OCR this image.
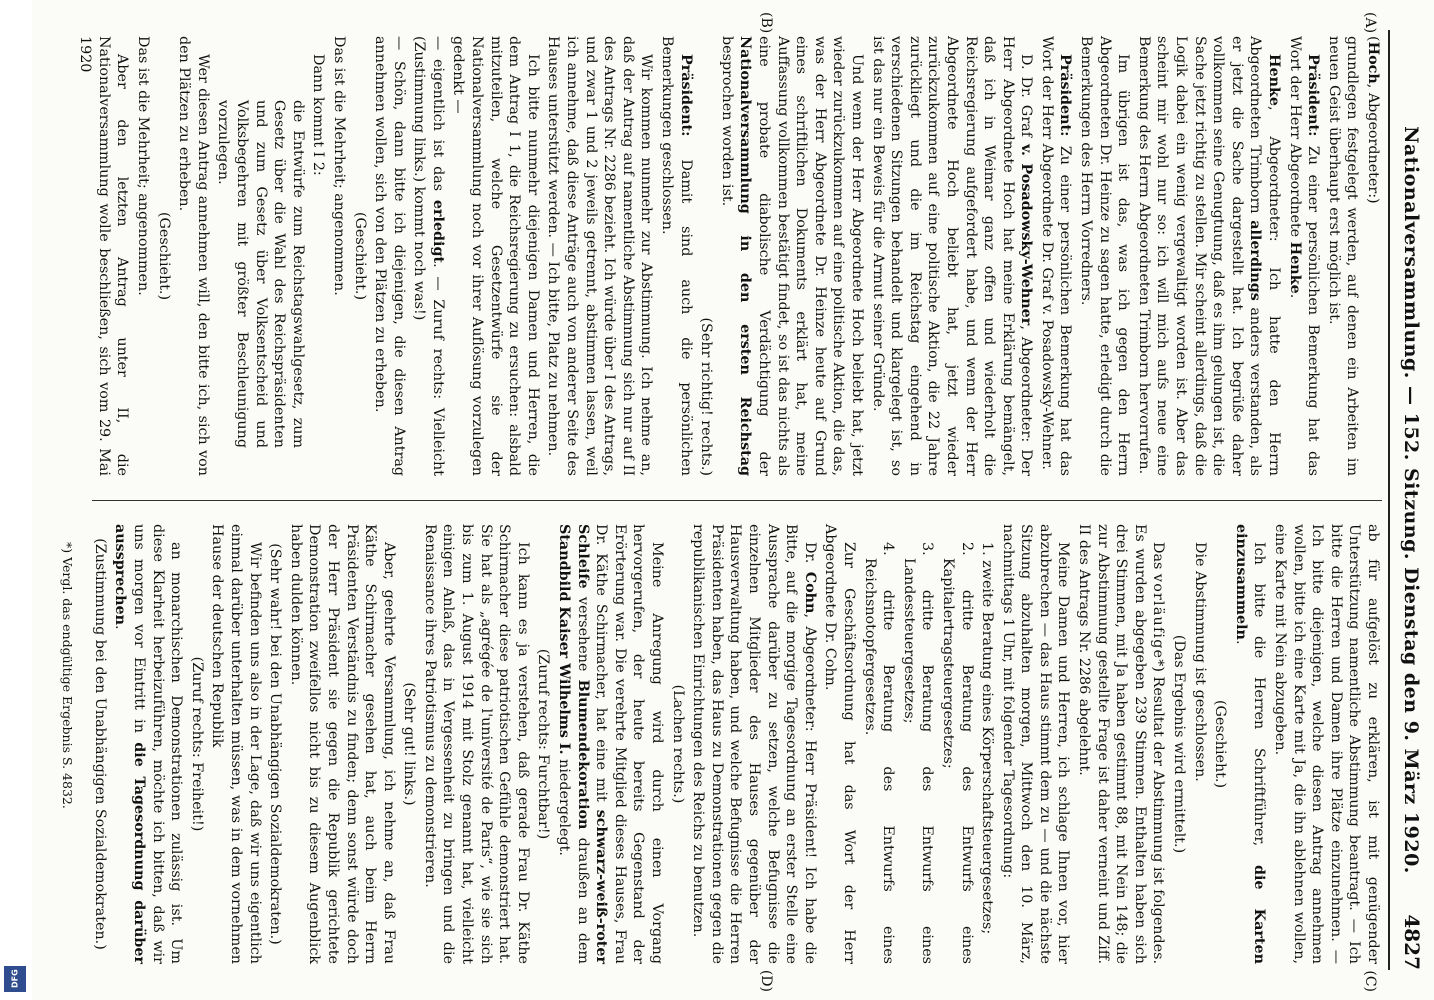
DFG
Nationalversammlung. — 152. Sitzung. Dienstag den 9. März 1920.
4827
(A)
(B)
(C)
(D)

(Hoch, Abgeordneter:)

grundlegen festgelegt werden, auf denen ein Arbeiten im neuen Geist überhaupt erst möglich ist.

Präsident: Zu einer persönlichen Bemerkung hat das Wort der Herr Abgeordnete Henke.

Henke, Abgeordneter: Ich hatte den Herrn Abgeordneten Trimborn allerdings anders verstanden, als er jetzt die Sache dargestellt hat. Ich begrüße daher vollkommen seine Genugtuung, daß es ihm gelungen ist, die Sache jetzt richtig zu stellen. Mir scheint allerdings, daß die Logik dabei ein wenig vergewaltigt worden ist. Aber das scheint mir wohl nur so: ich will mich aufs neue eine Bemerkung des Herrn Abgeordneten Trimborn hervorrufen.

Im übrigen ist das, was ich gegen den Herrn Abgeordneten Dr. Heinze zu sagen hatte, erledigt durch die Bemerkungen des Herrn Vorredners.

Präsident: Zu einer persönlichen Bemerkung hat das Wort der Herr Abgeordnete Dr. Graf v. Posadowsky-Wehner.

D. Dr. Graf v. Posadowsky-Wehner, Abgeordneter: Der Herr Abgeordnete Hoch hat meine Erklärung bemängelt, daß ich in Weimar ganz offen und wiederholt die Reichsregierung aufgefordert habe, und wenn der Herr Abgeordnete Hoch beliebt hat, jetzt wieder zurückzukommen auf eine politische Aktion, die 22 Jahre zurückliegt und die im Reichstag eingehend in verschiedenen Sitzungen behandelt und klargelegt ist, so ist das nur ein Beweis für die Armut seiner Gründe.

Und wenn der Herr Abgeordnete Hoch beliebt hat, jetzt wieder zurückzukommen auf eine politische Aktion, die das, was der Herr Abgeordnete Dr. Heinze heute auf Grund eines schriftlichen Dokuments erklärt hat, meine Auffassung vollkommen bestätigt findet, so ist das nichts als eine probate diabolische Verdächtigung der Nationalversammlung in den ersten Reichstag besprochen worden ist.

(Sehr richtig! rechts.)

Präsident: Damit sind auch die persönlichen Bemerkungen geschlossen.

Wir kommen nunmehr zur Abstimmung. Ich nehme an, daß der Antrag auf namentliche Abstimmung sich nur auf II des Antrags Nr. 2286 bezieht. Ich würde über I des Antrags, und zwar 1 und 2 jeweils getrennt, abstimmen lassen, weil ich annehme, daß diese Anträge auch von anderer Seite des Hauses unterstützt werden. — Ich bitte, Platz zu nehmen.

Ich bitte nunmehr diejenigen Damen und Herren, die dem Antrag I 1, die Reichsregierung zu ersuchen: alsbald mitzuteilen, welche Gesetzentwürfe sie der Nationalversammlung noch vor ihrer Auflösung vorzulegen gedenkt —

— eigentlich ist das erledigt. — Zuruf rechts: Vielleicht (Zustimmung links.) kommt noch was!)

— Schön, dann bitte ich diejenigen, die diesen Antrag annehmen wollen, sich von den Plätzen zu erheben.

(Geschieht.)

Das ist die Mehrheit; angenommen.

Dann kommt I 2:

die Entwürfe zum Reichstagswahlgesetz, zum Gesetz über die Wahl des Reichspräsidenten und zum Gesetz über Volksentscheid und Volksbegehren mit größter Beschleunigung vorzulegen.

Wer diesen Antrag annehmen will, den bitte ich, sich von den Plätzen zu erheben.

(Geschieht.)

Das ist die Mehrheit; angenommen.

Aber den letzten Antrag unter II, die Nationalversammlung wolle beschließen, sich vom 29. Mai 1920

ab für aufgelöst zu erklären, ist mit genügender Unterstützung namentliche Abstimmung beantragt. — Ich bitte die Herren und Damen ihre Plätze einzunehmen. — Ich bitte diejenigen, welche diesen Antrag annehmen wollen, bitte ich eine Karte mit Ja, die ihn ablehnen wollen, eine Karte mit Nein abzugeben.

Ich bitte die Herren Schriftführer, die Karten einzusammeln.

(Geschieht.)

Die Abstimmung ist geschlossen.

(Das Ergebnis wird ermittelt.)

Das vorläufige*) Resultat der Abstimmung ist folgendes. Es wurden abgegeben 239 Stimmen. Enthalten haben sich drei Stimmen, mit Ja haben gestimmt 88, mit Nein 148; die zur Abstimmung gestellte Frage ist daher verneint und Ziff. II des Antrags Nr. 2286 abgelehnt.

Meine Damen und Herren, ich schlage Ihnen vor, hier abzubrechen — das Haus stimmt dem zu — und die nächste Sitzung abzuhalten morgen, Mittwoch den 10. März, nachmittags 1 Uhr, mit folgender Tagesordnung:

1. zweite Beratung eines Körperschaftsteuergesetzes;

2. dritte Beratung des Entwurfs eines Kapitalertragsteuergesetzes;

3. dritte Beratung des Entwurfs eines Landessteuergesetzes;

4. dritte Beratung des Entwurfs eines Reichsnotopfergesetzes.

Zur Geschäftsordnung hat das Wort der Herr Abgeordnete Dr. Cohn.

Dr. Cohn, Abgeordneter: Herr Präsident! Ich habe die Bitte, auf die morgige Tagesordnung an erster Stelle eine Aussprache darüber zu setzen, welche Befugnisse die einzelnen Mitglieder des Hauses gegenüber der Hausverwaltung haben, und welche Befugnisse die Herren Präsidenten haben, das Haus zu Demonstrationen gegen die republikanischen Einrichtungen des Reichs zu benutzen.

(Lachen rechts.)

Meine Anregung wird durch einen Vorgang hervorgerufen, der heute bereits Gegenstand der Erörterung war. Die verehrte Mitglied dieses Hauses, Frau Dr. Käthe Schirmacher, hat eine mit schwarz-weiß-roter Schleife versehene Blumendekoration draußen an dem Standbild Kaiser Wilhelms I. niedergelegt.

(Zuruf rechts: Furchtbar!)

Ich kann es ja verstehen, daß gerade Frau Dr. Käthe Schirmacher diese patriotischen Gefühle demonstriert hat. Sie hat als „agrégée de l'université de Paris“, wie sie sich bis zum 1. August 1914 mit Stolz genannt hat, vielleicht einigen Anlaß, das in Vergessenheit zu bringen und die Renaissance ihres Patriotismus zu demonstrieren.

(Sehr gut! links.)

Aber, geehrte Versammlung, ich nehme an, daß Frau Käthe Schirmacher gesehen hat, auch beim Herrn Präsidenten Verständnis zu finden; denn sonst würde doch der Herr Präsident sie gegen die Republik gerichtete Demonstration zweifellos nicht bis zu diesem Augenblick haben dulden können.

(Sehr wahr! bei den Unabhängigen Sozialdemokraten.)

Wir befinden uns also in der Lage, daß wir uns eigentlich einmal darüber unterhalten müssen, was in dem vornehmen Hause der deutschen Republik

(Zuruf rechts: Freiheit!)

an monarchischen Demonstrationen zulässig ist. Um diese Klarheit herbeizuführen, möchte ich bitten, daß wir uns morgen vor Eintritt in die Tagesordnung darüber aussprechen.

(Zustimmung bei den Unabhängigen Sozialdemokraten.)

*) Vergl. das endgültige Ergebnis S. 4832.
